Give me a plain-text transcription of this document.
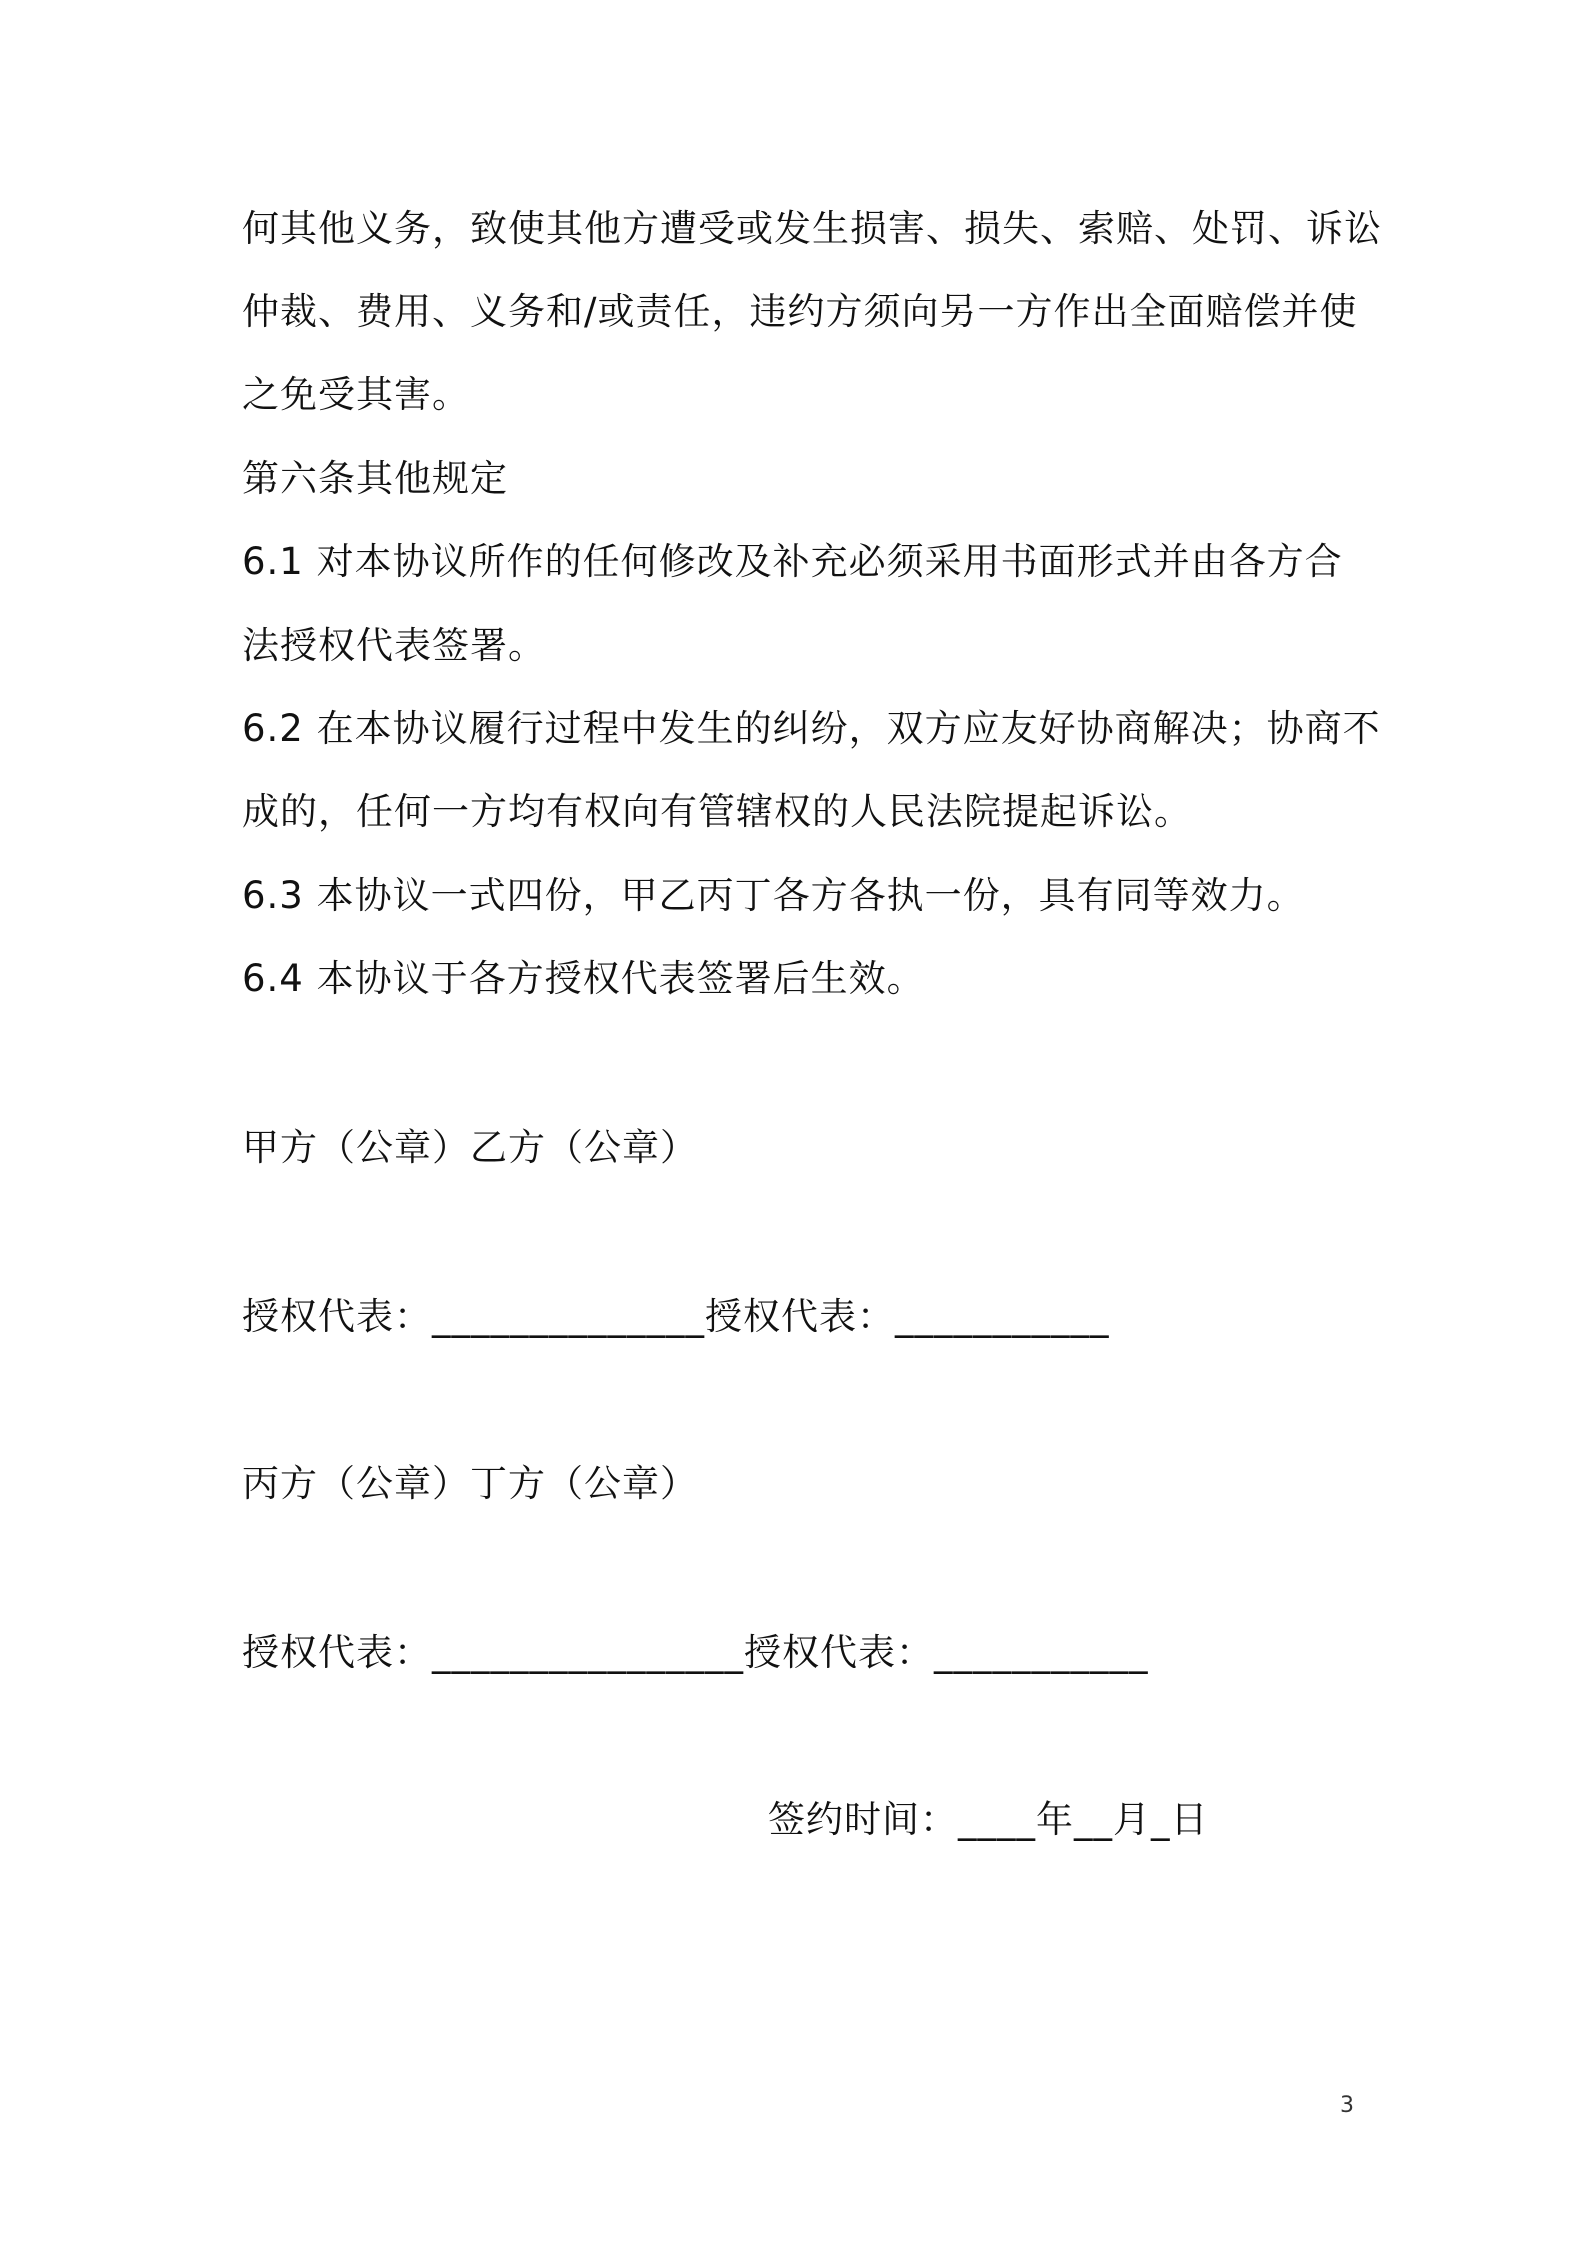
何其他义务，致使其他方遭受或发生损害、损失、索赔、处罚、诉讼
仲裁、费用、义务和/或责任，违约方须向另一方作出全面赔偿并使
之免受其害。
第六条其他规定
6.1 对本协议所作的任何修改及补充必须采用书面形式并由各方合
法授权代表签署。
6.2 在本协议履行过程中发生的纠纷，双方应友好协商解决；协商不
成的，任何一方均有权向有管辖权的人民法院提起诉讼。
6.3 本协议一式四份，甲乙丙丁各方各执一份，具有同等效力。
6.4 本协议于各方授权代表签署后生效。
甲方（公章）乙方（公章）
授权代表：______________授权代表：___________
丙方（公章）丁方（公章）
授权代表：________________授权代表：___________
签约时间：____年__月_日
3
